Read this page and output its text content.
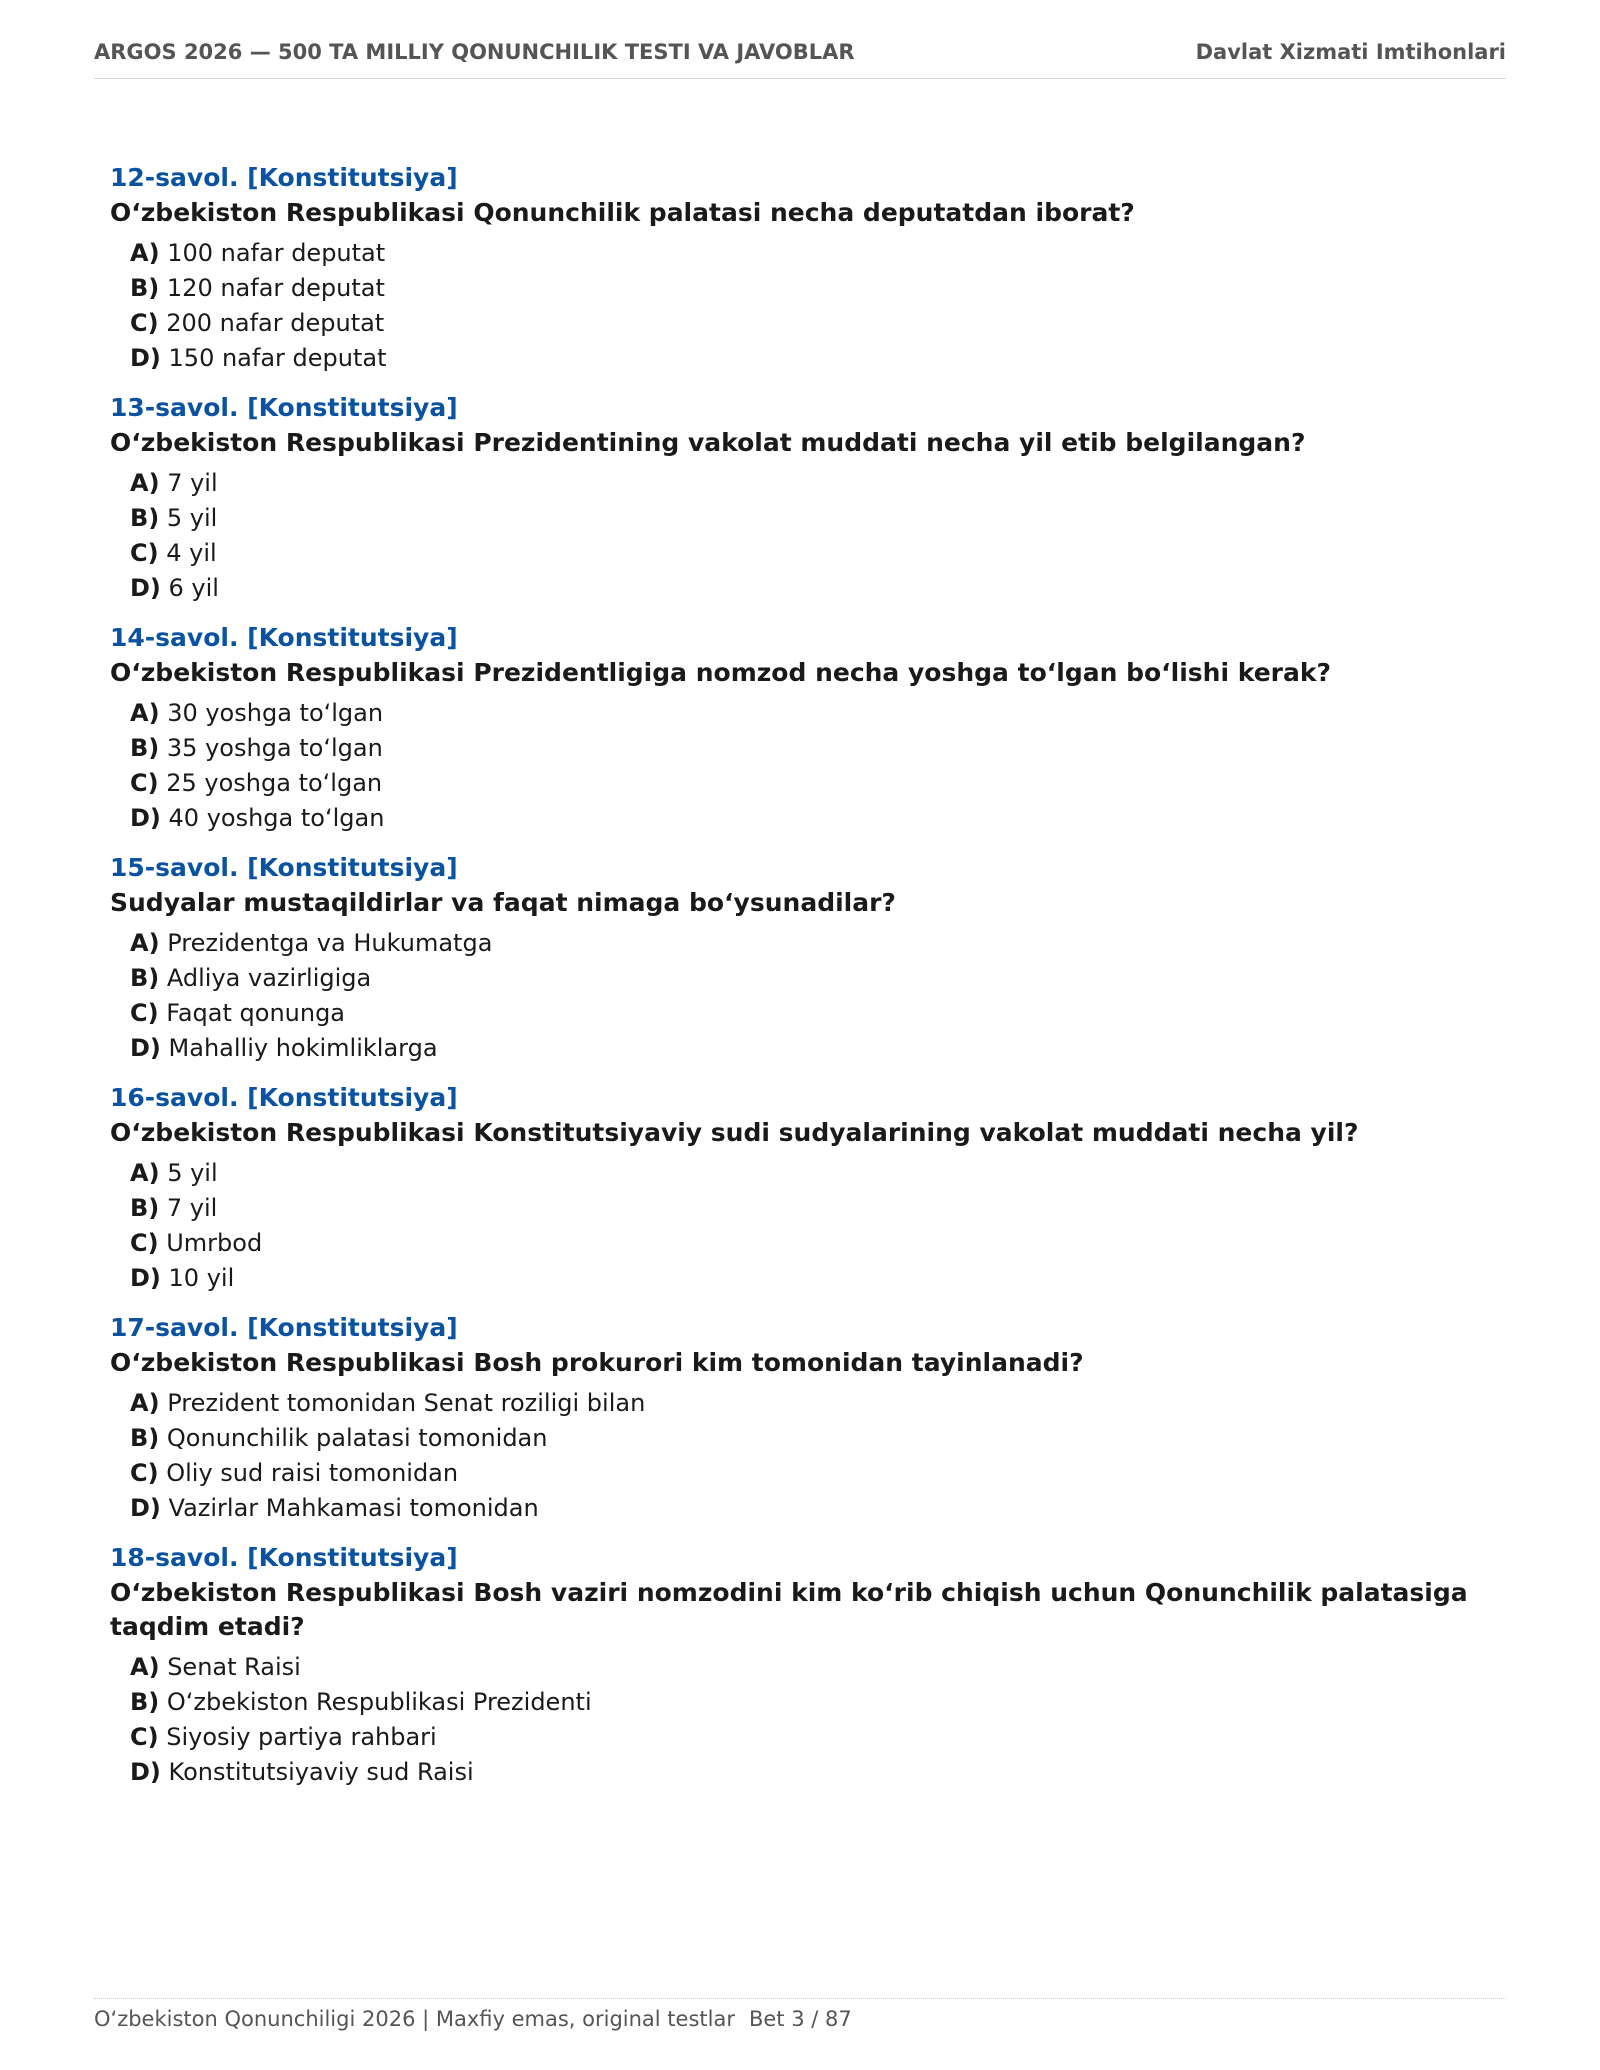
ARGOS 2026 — 500 TA MILLIY QONUNCHILIK TESTI VA JAVOBLAR	Davlat Xizmati Imtihonlari
12-savol. [Konstitutsiya]
O‘zbekiston Respublikasi Qonunchilik palatasi necha deputatdan iborat?
A) 100 nafar deputat
B) 120 nafar deputat
C) 200 nafar deputat
D) 150 nafar deputat
13-savol. [Konstitutsiya]
O‘zbekiston Respublikasi Prezidentining vakolat muddati necha yil etib belgilangan?
A) 7 yil
B) 5 yil
C) 4 yil
D) 6 yil
14-savol. [Konstitutsiya]
O‘zbekiston Respublikasi Prezidentligiga nomzod necha yoshga to‘lgan bo‘lishi kerak?
A) 30 yoshga to‘lgan
B) 35 yoshga to‘lgan
C) 25 yoshga to‘lgan
D) 40 yoshga to‘lgan
15-savol. [Konstitutsiya]
Sudyalar mustaqildirlar va faqat nimaga bo‘ysunadilar?
A) Prezidentga va Hukumatga
B) Adliya vazirligiga
C) Faqat qonunga
D) Mahalliy hokimliklarga
16-savol. [Konstitutsiya]
O‘zbekiston Respublikasi Konstitutsiyaviy sudi sudyalarining vakolat muddati necha yil?
A) 5 yil
B) 7 yil
C) Umrbod
D) 10 yil
17-savol. [Konstitutsiya]
O‘zbekiston Respublikasi Bosh prokurori kim tomonidan tayinlanadi?
A) Prezident tomonidan Senat roziligi bilan
B) Qonunchilik palatasi tomonidan
C) Oliy sud raisi tomonidan
D) Vazirlar Mahkamasi tomonidan
18-savol. [Konstitutsiya]
O‘zbekiston Respublikasi Bosh vaziri nomzodini kim ko‘rib chiqish uchun Qonunchilik palatasiga taqdim etadi?
A) Senat Raisi
B) O‘zbekiston Respublikasi Prezidenti
C) Siyosiy partiya rahbari
D) Konstitutsiyaviy sud Raisi
O‘zbekiston Qonunchiligi 2026 | Maxfiy emas, original testlar Bet 3 / 87
